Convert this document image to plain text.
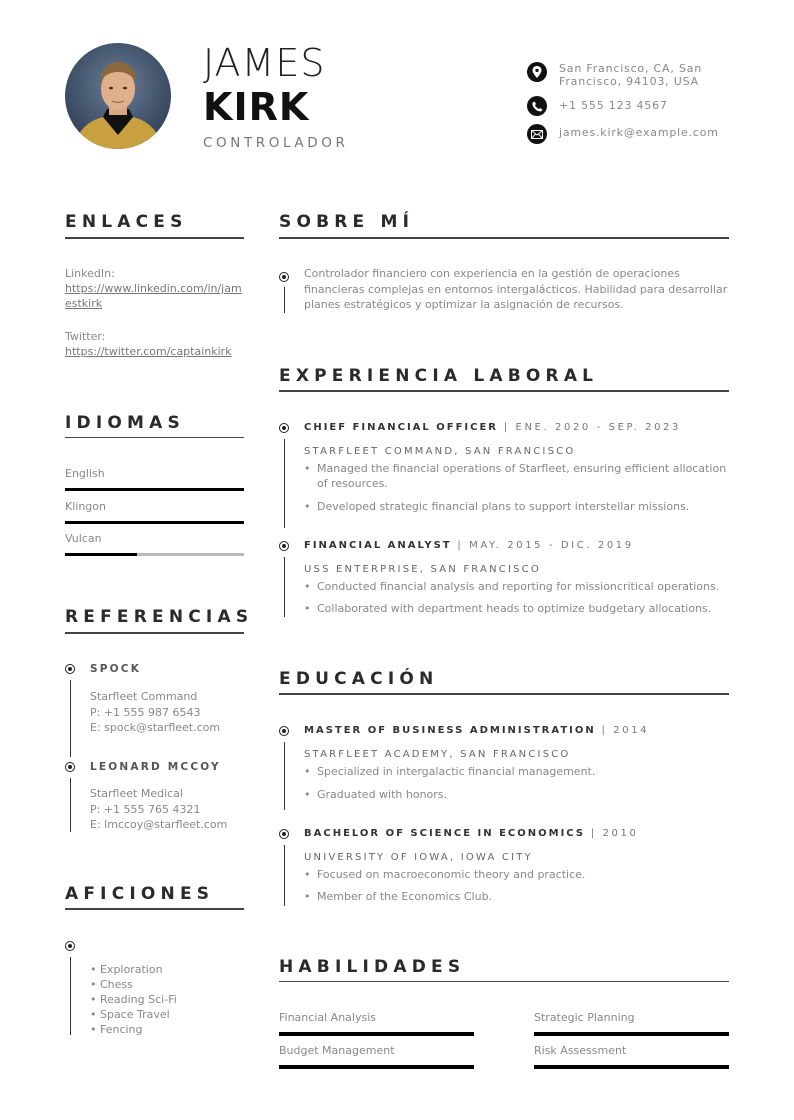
JAMES
KIRK
CONTROLADOR
San Francisco, CA, San Francisco, 94103, USA
+1 555 123 4567
james.kirk@example.com
ENLACES
LinkedIn:
https://www.linkedin.com/in/jamestkirk
Twitter:
https://twitter.com/captainkirk
IDIOMAS
English
Klingon
Vulcan
REFERENCIAS
SPOCK
Starfleet Command
P: +1 555 987 6543
E: spock@starfleet.com
LEONARD MCCOY
Starfleet Medical
P: +1 555 765 4321
E: lmccoy@starfleet.com
AFICIONES
• Exploration
• Chess
• Reading Sci-Fi
• Space Travel
• Fencing
SOBRE MÍ
Controlador financiero con experiencia en la gestión de operaciones financieras complejas en entornos intergalácticos. Habilidad para desarrollar planes estratégicos y optimizar la asignación de recursos.
EXPERIENCIA LABORAL
CHIEF FINANCIAL OFFICER | ENE. 2020 - SEP. 2023
STARFLEET COMMAND, SAN FRANCISCO
• Managed the financial operations of Starfleet, ensuring efficient allocation of resources.
• Developed strategic financial plans to support interstellar missions.
FINANCIAL ANALYST | MAY. 2015 - DIC. 2019
USS ENTERPRISE, SAN FRANCISCO
• Conducted financial analysis and reporting for missioncritical operations.
• Collaborated with department heads to optimize budgetary allocations.
EDUCACIÓN
MASTER OF BUSINESS ADMINISTRATION | 2014
STARFLEET ACADEMY, SAN FRANCISCO
• Specialized in intergalactic financial management.
• Graduated with honors.
BACHELOR OF SCIENCE IN ECONOMICS | 2010
UNIVERSITY OF IOWA, IOWA CITY
• Focused on macroeconomic theory and practice.
• Member of the Economics Club.
HABILIDADES
Financial Analysis	Strategic Planning
Budget Management	Risk Assessment
